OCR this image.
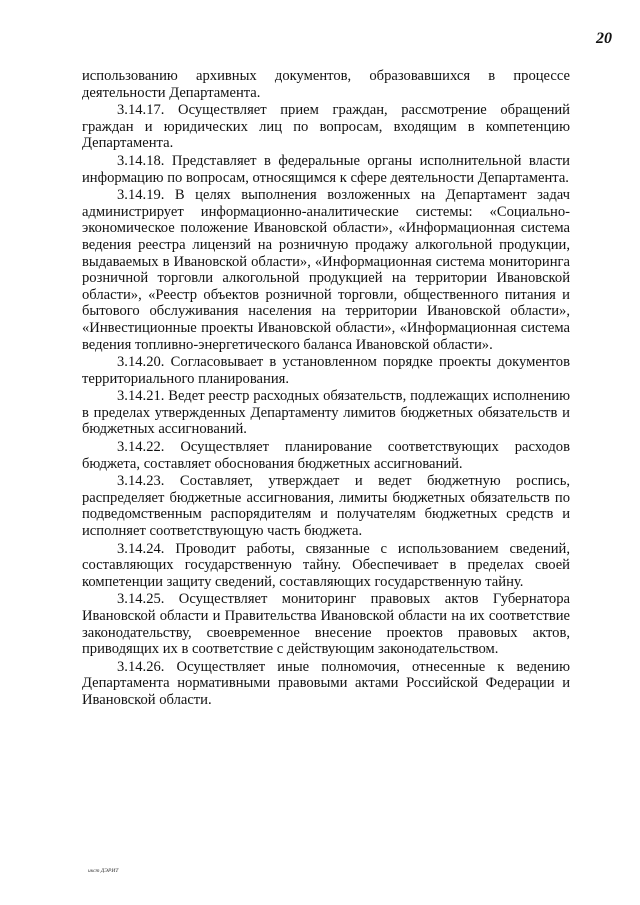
20

использованию архивных документов, образовавшихся в процессе деятельности Департамента.

3.14.17. Осуществляет прием граждан, рассмотрение обращений граждан и юридических лиц по вопросам, входящим в компетенцию Департамента.

3.14.18. Представляет в федеральные органы исполнительной власти информацию по вопросам, относящимся к сфере деятельности Департамента.

3.14.19. В целях выполнения возложенных на Департамент задач администрирует информационно-аналитические системы: «Социально-экономическое положение Ивановской области», «Информационная система ведения реестра лицензий на розничную продажу алкогольной продукции, выдаваемых в Ивановской области», «Информационная система мониторинга розничной торговли алкогольной продукцией на территории Ивановской области», «Реестр объектов розничной торговли, общественного питания и бытового обслуживания населения на территории Ивановской области», «Инвестиционные проекты Ивановской области», «Информационная система ведения топливно-энергетического баланса Ивановской области».

3.14.20. Согласовывает в установленном порядке проекты документов территориального планирования.

3.14.21. Ведет реестр расходных обязательств, подлежащих исполнению в пределах утвержденных Департаменту лимитов бюджетных обязательств и бюджетных ассигнований.

3.14.22. Осуществляет планирование соответствующих расходов бюджета, составляет обоснования бюджетных ассигнований.

3.14.23. Составляет, утверждает и ведет бюджетную роспись, распределяет бюджетные ассигнования, лимиты бюджетных обязательств по подведомственным распорядителям и получателям бюджетных средств и исполняет соответствующую часть бюджета.

3.14.24. Проводит работы, связанные с использованием сведений, составляющих государственную тайну. Обеспечивает в пределах своей компетенции защиту сведений, составляющих государственную тайну.

3.14.25. Осуществляет мониторинг правовых актов Губернатора Ивановской области и Правительства Ивановской области на их соответствие законодательству, своевременное внесение проектов правовых актов, приводящих их в соответствие с действующим законодательством.

3.14.26. Осуществляет иные полномочия, отнесенные к ведению Департамента нормативными правовыми актами Российской Федерации и Ивановской области.

икст ДЭРИТ
